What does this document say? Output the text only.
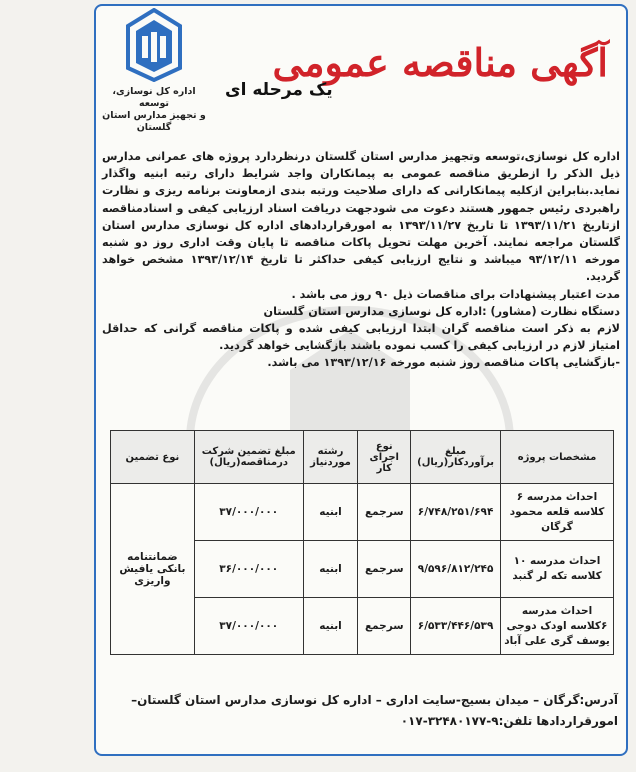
اداره کل نوسازی، توسعه
و تجهیز مدارس استان
گلستان
آگهی مناقصه عمومی
یک مرحله ای

اداره کل نوسازی،توسعه وتجهیز مدارس استان گلستان درنظردارد پروژه های عمرانی مدارس ذیل الذکر را ازطریق مناقصه عمومی به پیمانکاران واجد شرایط دارای رتبه ابنیه واگذار نماید.بنابراین ازکلیه پیمانکارانی که دارای صلاحیت ورتبه بندی ازمعاونت برنامه ریزی و نظارت راهبردی رئیس جمهور هستند دعوت می شودجهت دریافت اسناد ارزیابی کیفی و اسنادمناقصه ازتاریخ ۱۳۹۳/۱۱/۲۱ تا تاریخ ۱۳۹۳/۱۱/۲۷ به امورقراردادهای اداره کل نوسازی مدارس استان گلستان مراجعه نمایند. آخرین مهلت تحویل پاکات مناقصه تا پایان وقت اداری روز دو شنبه مورخه ۹۳/۱۲/۱۱ میباشد و نتایج ارزیابی کیفی حداکثر تا تاریخ ۱۳۹۳/۱۲/۱۴ مشخص خواهد گردید.

مدت اعتبار پیشنهادات برای مناقصات ذیل ۹۰ روز می باشد .

دستگاه نظارت (مشاور) :اداره کل نوسازی مدارس استان گلستان

لازم به ذکر است مناقصه گران ابتدا ارزیابی کیفی شده و پاکات مناقصه گرانی که حداقل امتیاز لازم در ارزیابی کیفی را کسب نموده باشند بازگشایی خواهد گردید.

-بازگشایی پاکات مناقصه روز شنبه مورخه ۱۳۹۳/۱۲/۱۶ می باشد.

مشخصات پروژه	مبلغ برآوردکار(ریال)	نوع اجرای کار	رشته موردنیاز	مبلغ تضمین شرکت درمناقصه(ریال)	نوع تضمین
احداث مدرسه ۶ کلاسه قلعه محمود گرگان	۶/۷۴۸/۲۵۱/۶۹۴	سرجمع	ابنیه	۳۷/۰۰۰/۰۰۰	ضمانتنامه بانکی یافیش واریزی
احداث مدرسه ۱۰ کلاسه تکه لر گنبد	۹/۵۹۶/۸۱۲/۲۴۵	سرجمع	ابنیه	۳۶/۰۰۰/۰۰۰	
احداث مدرسه ۶کلاسه اودک دوجی یوسف گری علی آباد	۶/۵۳۳/۴۴۶/۵۳۹	سرجمع	ابنیه	۳۷/۰۰۰/۰۰۰	
آدرس:گرگان – میدان بسیج-سایت اداری – اداره کل نوسازی مدارس استان گلستان–
امورقراردادها تلفن:۹-۳۲۴۸۰۱۷۷-۰۱۷
